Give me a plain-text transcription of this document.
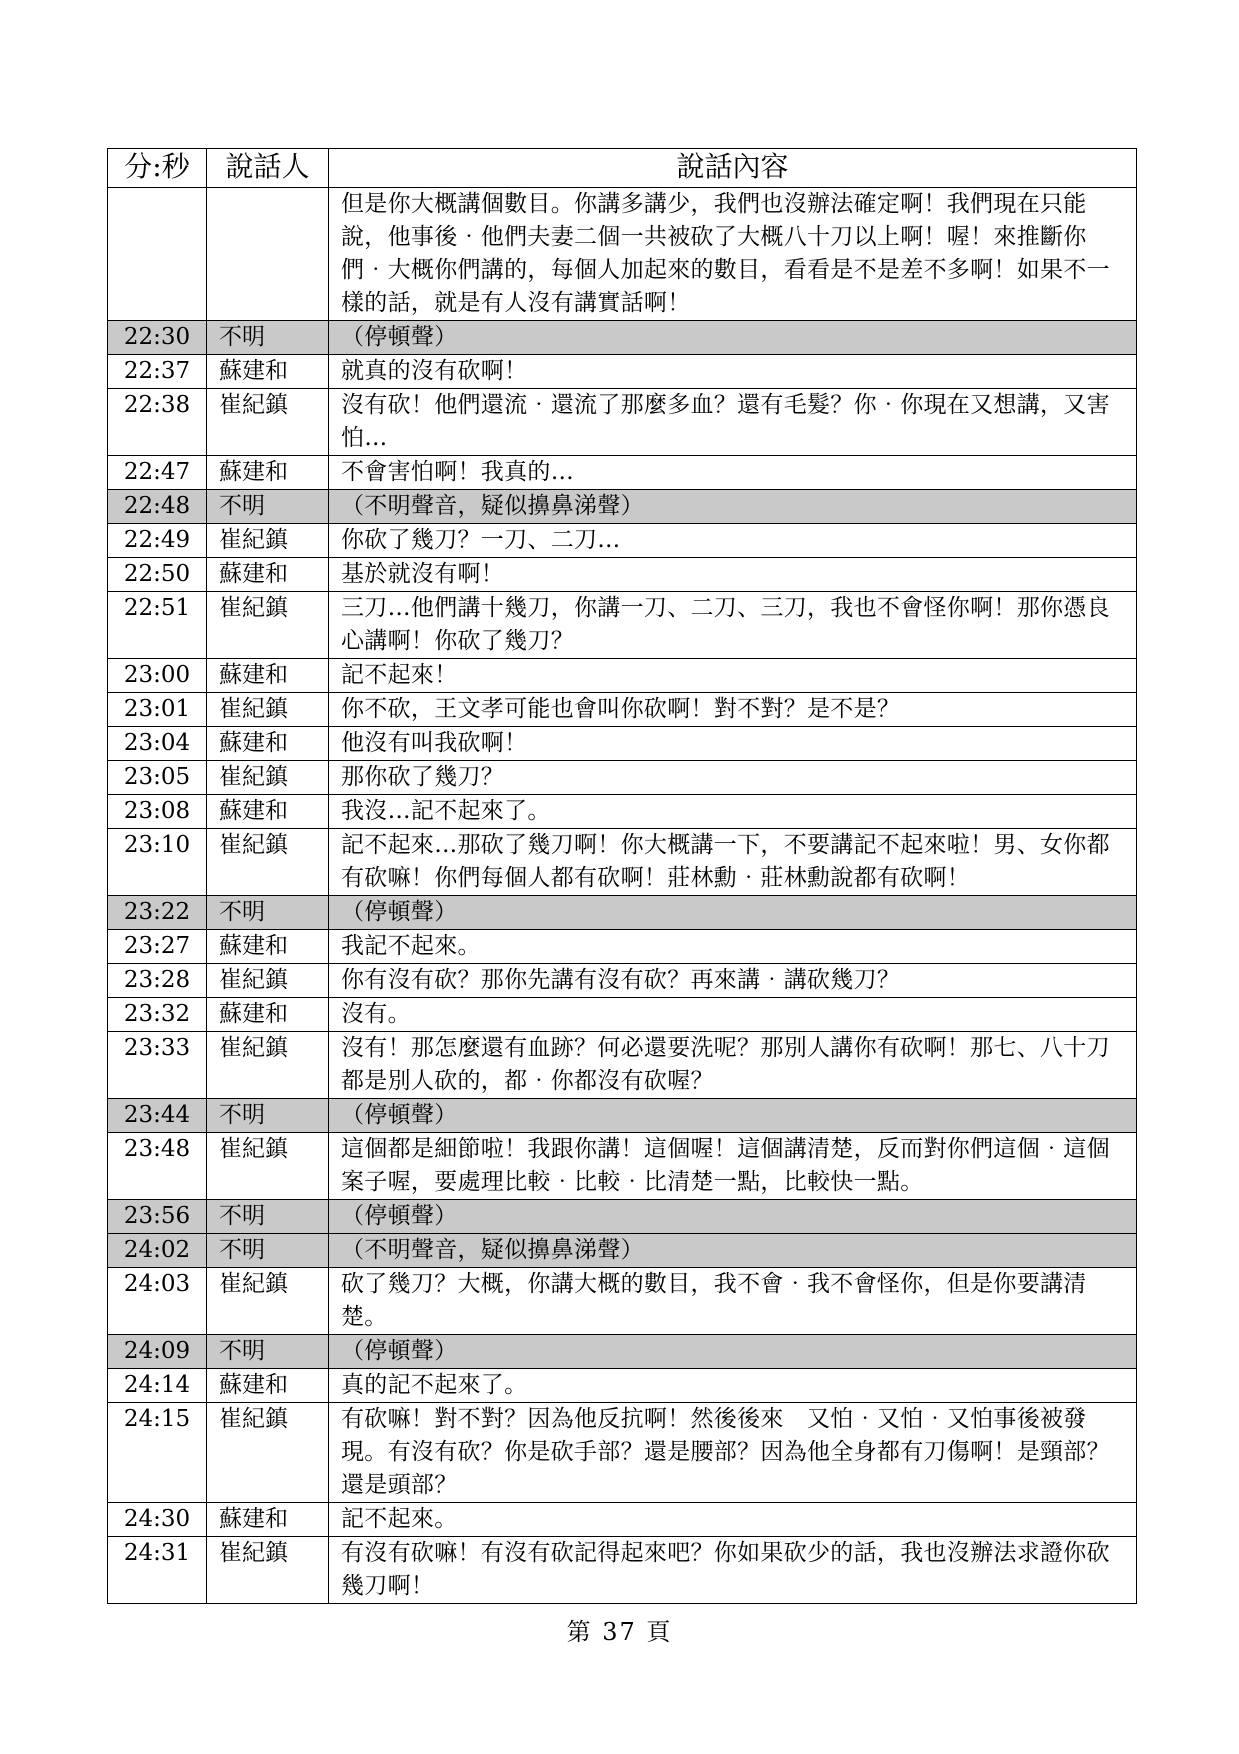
分:秒	說話人	說話內容
		但是你大概講個數目。你講多講少，我們也沒辦法確定啊！我們現在只能說，他事後‧他們夫妻二個一共被砍了大概八十刀以上啊！喔！來推斷你們‧大概你們講的，每個人加起來的數目，看看是不是差不多啊！如果不一樣的話，就是有人沒有講實話啊！
22:30	不明	（停頓聲）
22:37	蘇建和	就真的沒有砍啊！
22:38	崔紀鎮	沒有砍！他們還流‧還流了那麼多血？還有毛髮？你‧你現在又想講，又害怕…
22:47	蘇建和	不會害怕啊！我真的…
22:48	不明	（不明聲音，疑似擤鼻涕聲）
22:49	崔紀鎮	你砍了幾刀？一刀、二刀…
22:50	蘇建和	基於就沒有啊！
22:51	崔紀鎮	三刀…他們講十幾刀，你講一刀、二刀、三刀，我也不會怪你啊！那你憑良心講啊！你砍了幾刀？
23:00	蘇建和	記不起來！
23:01	崔紀鎮	你不砍，王文孝可能也會叫你砍啊！對不對？是不是？
23:04	蘇建和	他沒有叫我砍啊！
23:05	崔紀鎮	那你砍了幾刀？
23:08	蘇建和	我沒…記不起來了。
23:10	崔紀鎮	記不起來…那砍了幾刀啊！你大概講一下，不要講記不起來啦！男、女你都有砍嘛！你們每個人都有砍啊！莊林勳‧莊林勳說都有砍啊！
23:22	不明	（停頓聲）
23:27	蘇建和	我記不起來。
23:28	崔紀鎮	你有沒有砍？那你先講有沒有砍？再來講‧講砍幾刀？
23:32	蘇建和	沒有。
23:33	崔紀鎮	沒有！那怎麼還有血跡？何必還要洗呢？那別人講你有砍啊！那七、八十刀都是別人砍的，都‧你都沒有砍喔？
23:44	不明	（停頓聲）
23:48	崔紀鎮	這個都是細節啦！我跟你講！這個喔！這個講清楚，反而對你們這個‧這個案子喔，要處理比較‧比較‧比清楚一點，比較快一點。
23:56	不明	（停頓聲）
24:02	不明	（不明聲音，疑似擤鼻涕聲）
24:03	崔紀鎮	砍了幾刀？大概，你講大概的數目，我不會‧我不會怪你，但是你要講清楚。
24:09	不明	（停頓聲）
24:14	蘇建和	真的記不起來了。
24:15	崔紀鎮	有砍嘛！對不對？因為他反抗啊！然後後來　又怕‧又怕‧又怕事後被發現。有沒有砍？你是砍手部？還是腰部？因為他全身都有刀傷啊！是頸部？還是頭部？
24:30	蘇建和	記不起來。
24:31	崔紀鎮	有沒有砍嘛！有沒有砍記得起來吧？你如果砍少的話，我也沒辦法求證你砍幾刀啊！
第 37 頁
